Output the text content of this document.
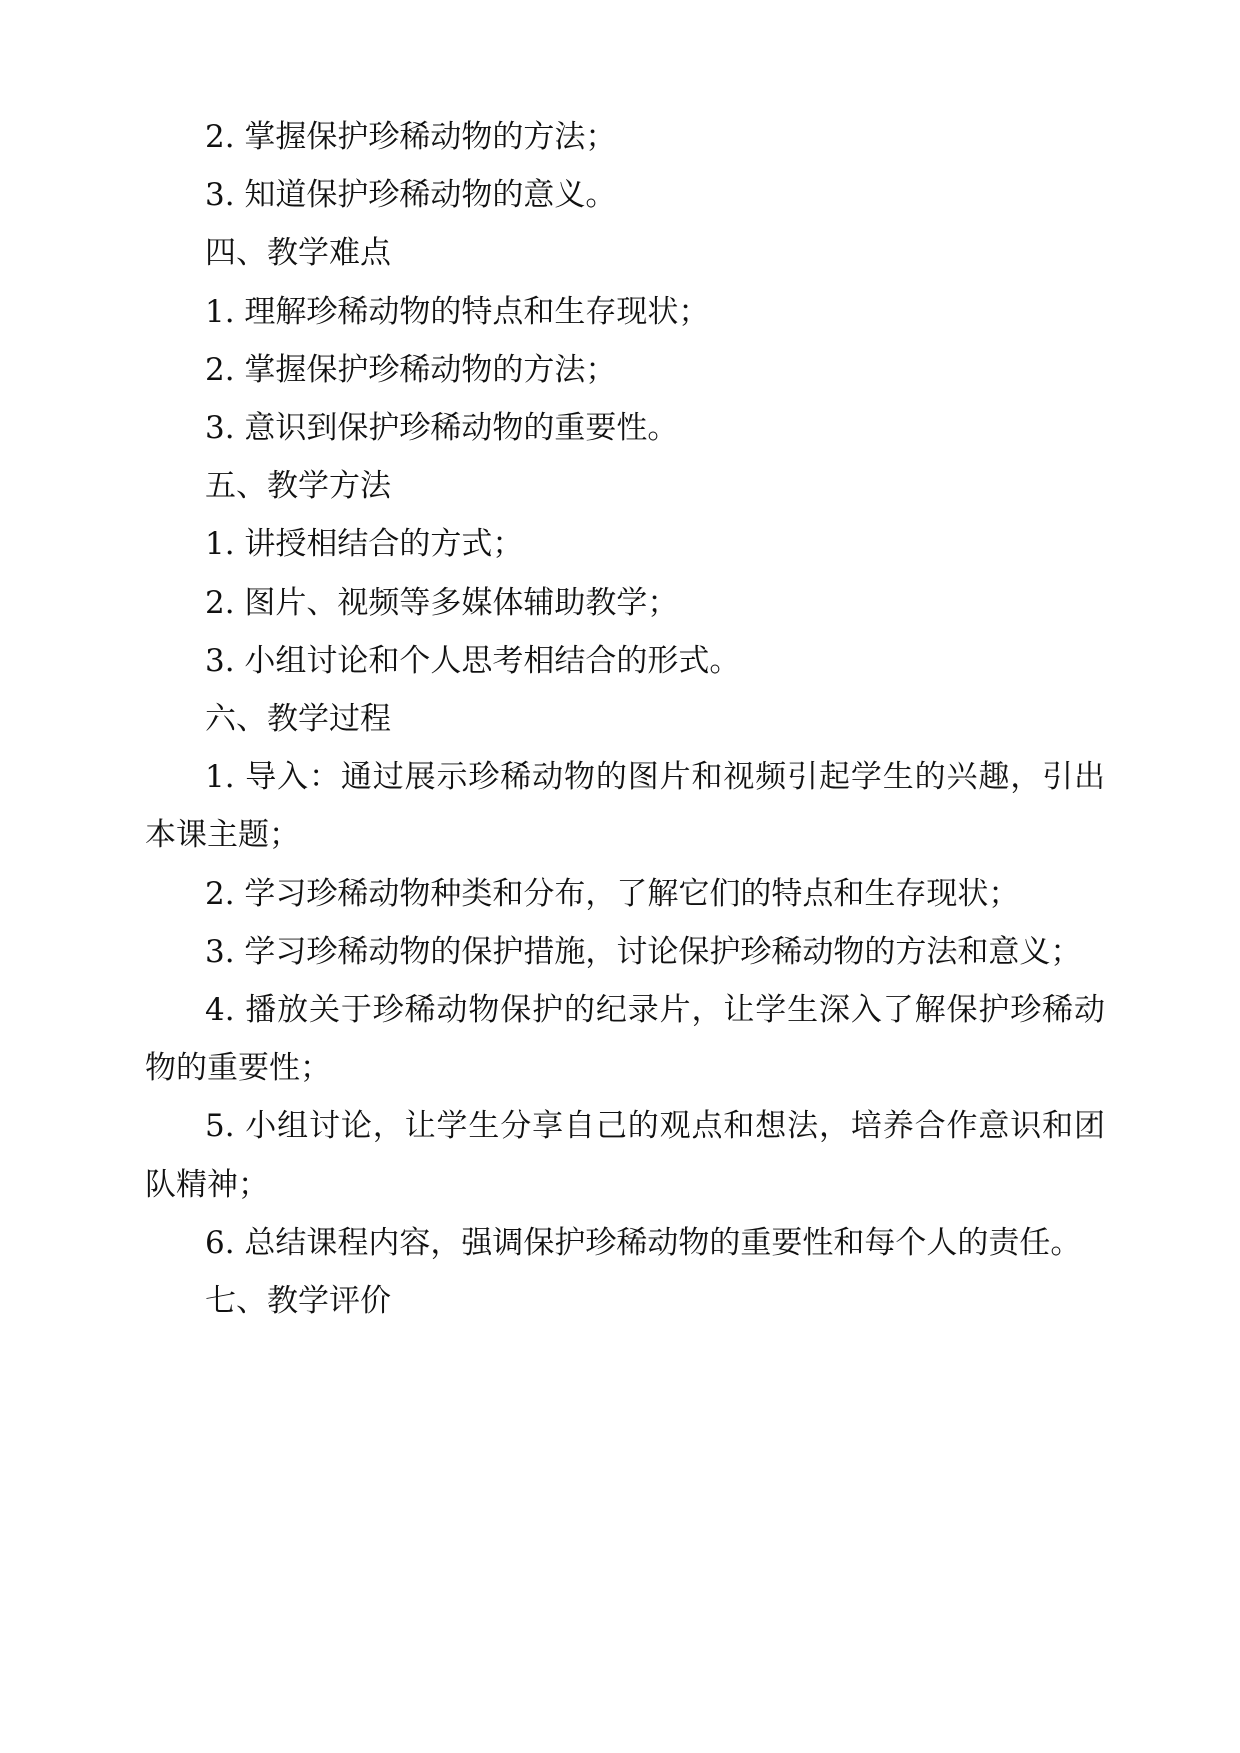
2. 掌握保护珍稀动物的方法；

3. 知道保护珍稀动物的意义。

四、教学难点

1. 理解珍稀动物的特点和生存现状；

2. 掌握保护珍稀动物的方法；

3. 意识到保护珍稀动物的重要性。

五、教学方法

1. 讲授相结合的方式；

2. 图片、视频等多媒体辅助教学；

3. 小组讨论和个人思考相结合的形式。

六、教学过程

1. 导入：通过展示珍稀动物的图片和视频引起学生的兴趣，引出本课主题；

2. 学习珍稀动物种类和分布，了解它们的特点和生存现状；

3. 学习珍稀动物的保护措施，讨论保护珍稀动物的方法和意义；

4. 播放关于珍稀动物保护的纪录片，让学生深入了解保护珍稀动物的重要性；

5. 小组讨论，让学生分享自己的观点和想法，培养合作意识和团队精神；

6. 总结课程内容，强调保护珍稀动物的重要性和每个人的责任。

七、教学评价
